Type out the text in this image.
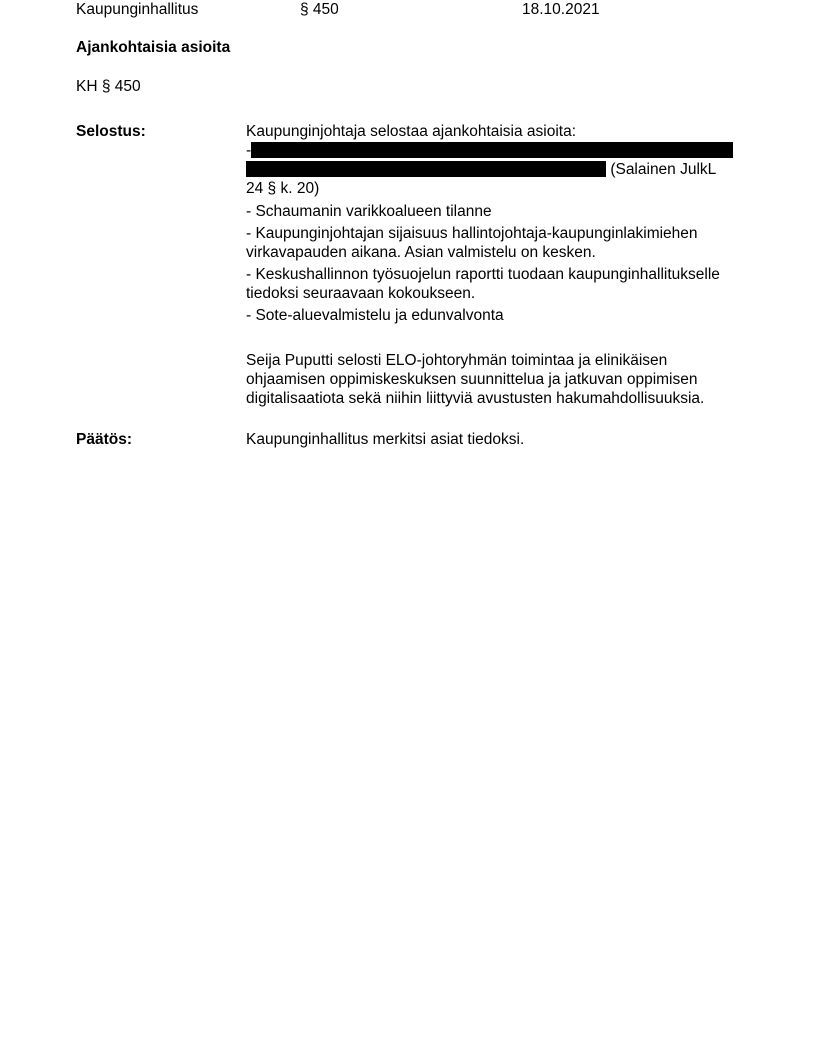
Kaupunginhallitus	§ 450	18.10.2021
Ajankohtaisia asioita
KH § 450
Selostus:	Kaupunginjohtaja selostaa ajankohtaisia asioita:
-
(Salainen JulkL
24 § k. 20)
- Schaumanin varikkoalueen tilanne
- Kaupunginjohtajan sijaisuus hallintojohtaja-kaupunginlakimiehen virkavapauden aikana. Asian valmistelu on kesken.
- Keskushallinnon työsuojelun raportti tuodaan kaupunginhallitukselle tiedoksi seuraavaan kokoukseen.
- Sote-aluevalmistelu ja edunvalvonta
Seija Puputti selosti ELO-johtoryhmän toimintaa ja elinikäisen ohjaamisen oppimiskeskuksen suunnittelua ja jatkuvan oppimisen digitalisaatiota sekä niihin liittyviä avustusten hakumahdollisuuksia.
Päätös:	Kaupunginhallitus merkitsi asiat tiedoksi.
